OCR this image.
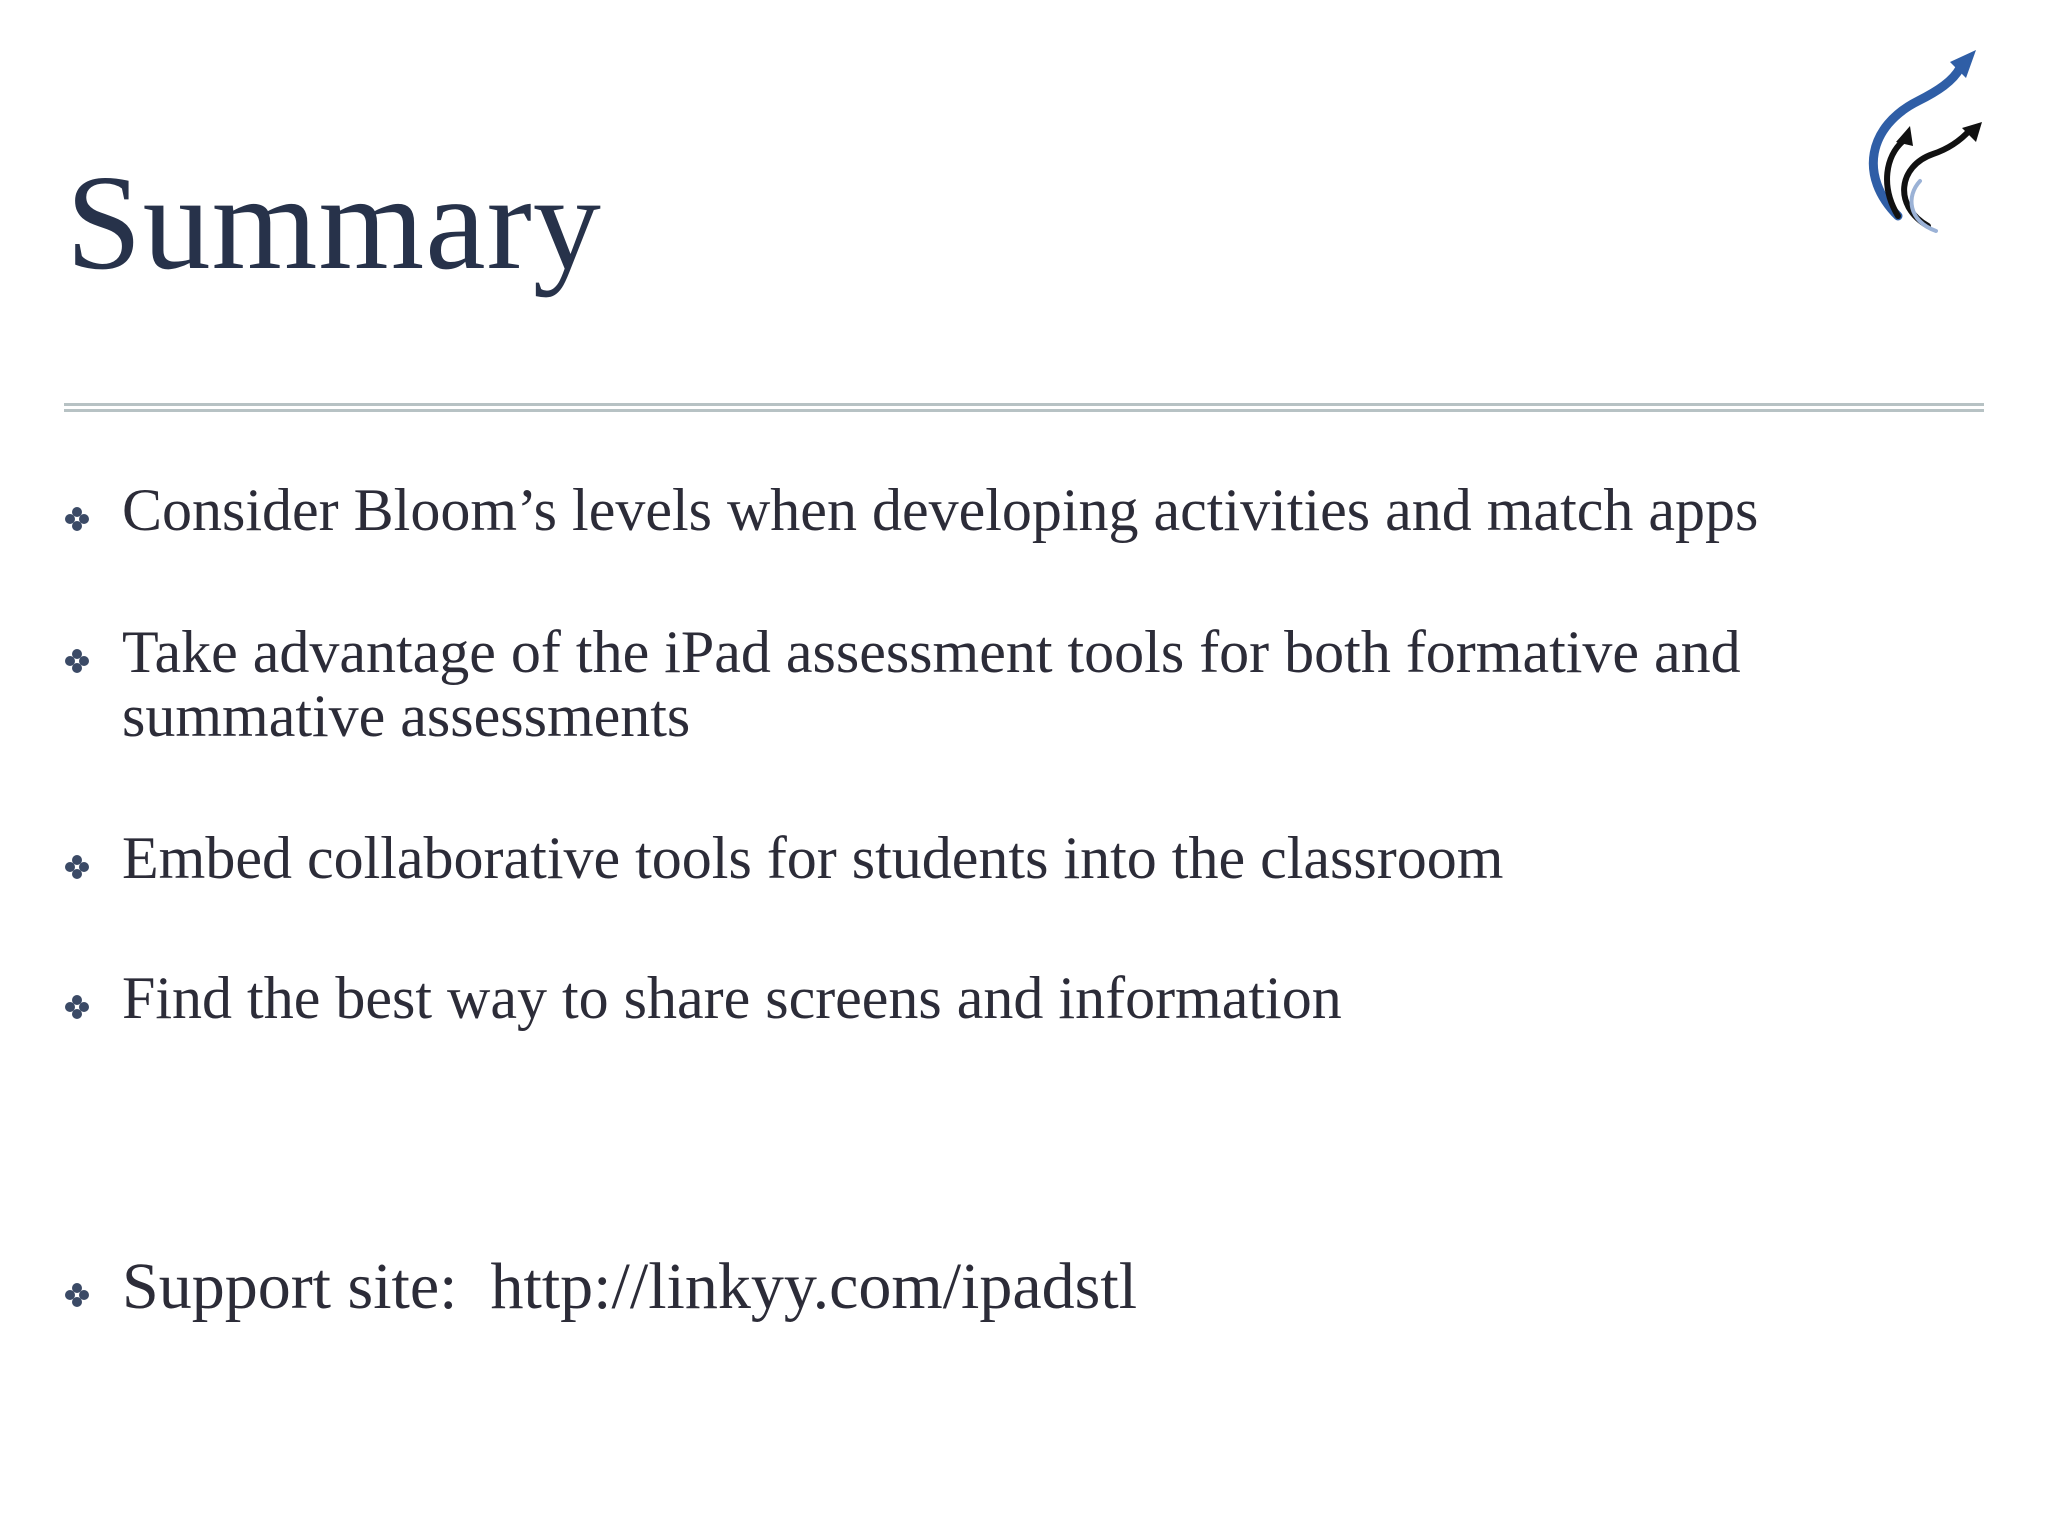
Summary

Consider Bloom’s levels when developing activities and match apps

Take advantage of the iPad assessment tools for both formative and summative assessments

Embed collaborative tools for students into the classroom

Find the best way to share screens and information

Support site:  http://linkyy.com/ipadstl
